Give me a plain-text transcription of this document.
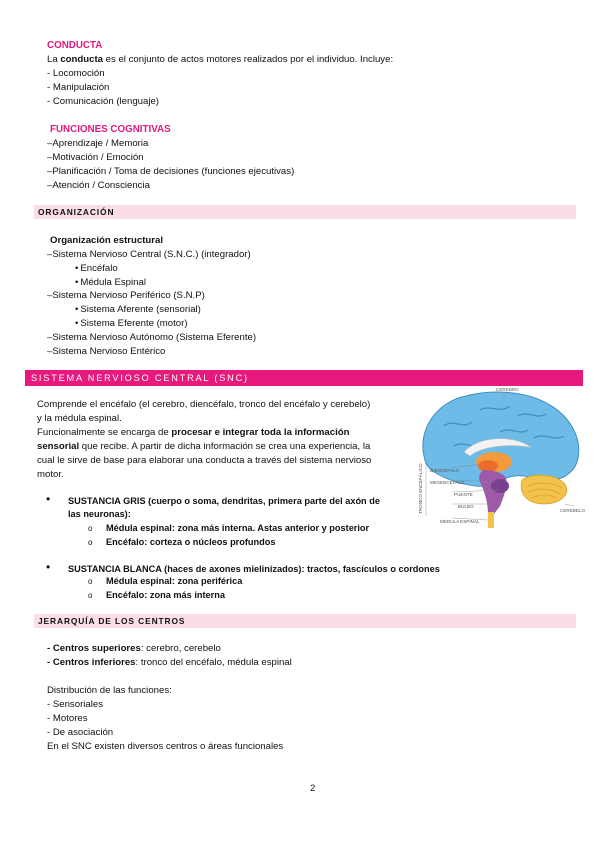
CONDUCTA
La conducta es el conjunto de actos motores realizados por el individuo. Incluye:
- Locomoción
- Manipulación
- Comunicación (lenguaje)
FUNCIONES COGNITIVAS
–Aprendizaje / Memoria
–Motivación / Emoción
–Planificación / Toma de decisiones (funciones ejecutivas)
–Atención / Consciencia
ORGANIZACIÓN
Organización estructural
–Sistema Nervioso Central (S.N.C.) (integrador)
• Encéfalo
• Médula Espinal
–Sistema Nervioso Periférico (S.N.P)
• Sistema Aferente (sensorial)
• Sistema Eferente (motor)
–Sistema Nervioso Autónomo (Sistema Eferente)
–Sistema Nervioso Entérico
SISTEMA NERVIOSO CENTRAL (SNC)
Comprende el encéfalo (el cerebro, diencéfalo, tronco del encéfalo y cerebelo)
y la médula espinal.
Funcionalmente se encarga de procesar e integrar toda la información
sensorial que recibe. A partir de dicha información se crea una experiencia, la
cual le sirve de base para elaborar una conducta a través del sistema nervioso
motor.
• SUSTANCIA GRIS (cuerpo o soma, dendritas, primera parte del axón de
las neuronas):
o Médula espinal: zona más interna. Astas anterior y posterior
o Encéfalo: corteza o núcleos profundos
• SUSTANCIA BLANCA (haces de axones mielinizados): tractos, fascículos o cordones
o Médula espinal: zona periférica
o Encéfalo: zona más interna
CEREBRO
DIENCÉFALO
MESENCÉFALO
PUENTE
BULBO
MÉDULA ESPINAL
CEREBELO
TRONCO ENCEFÁLICO
JERARQUÍA DE LOS CENTROS
- Centros superiores: cerebro, cerebelo
- Centros inferiores: tronco del encéfalo, médula espinal
Distribución de las funciones:
- Sensoriales
- Motores
- De asociación
En el SNC existen diversos centros o áreas funcionales
2
